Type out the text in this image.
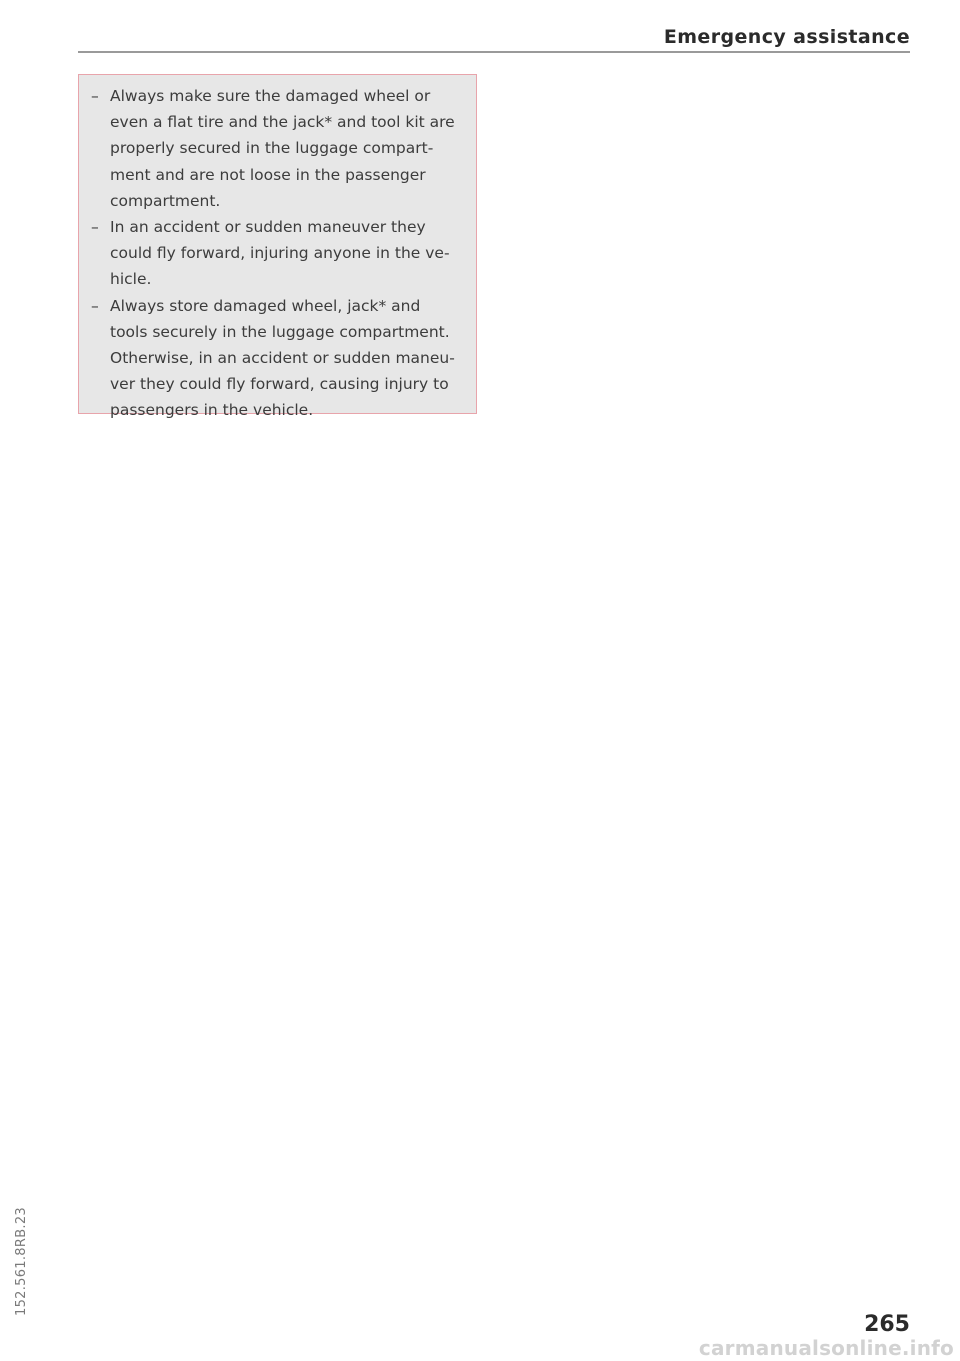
Emergency assistance
– Always make sure the damaged wheel or even a flat tire and the jack* and tool kit are properly secured in the luggage compartment and are not loose in the passenger compartment.
– In an accident or sudden maneuver they could fly forward, injuring anyone in the vehicle.
– Always store damaged wheel, jack* and tools securely in the luggage compartment. Otherwise, in an accident or sudden maneuver they could fly forward, causing injury to passengers in the vehicle.
152.561.8RB.23
265
carmanualsonline.info
